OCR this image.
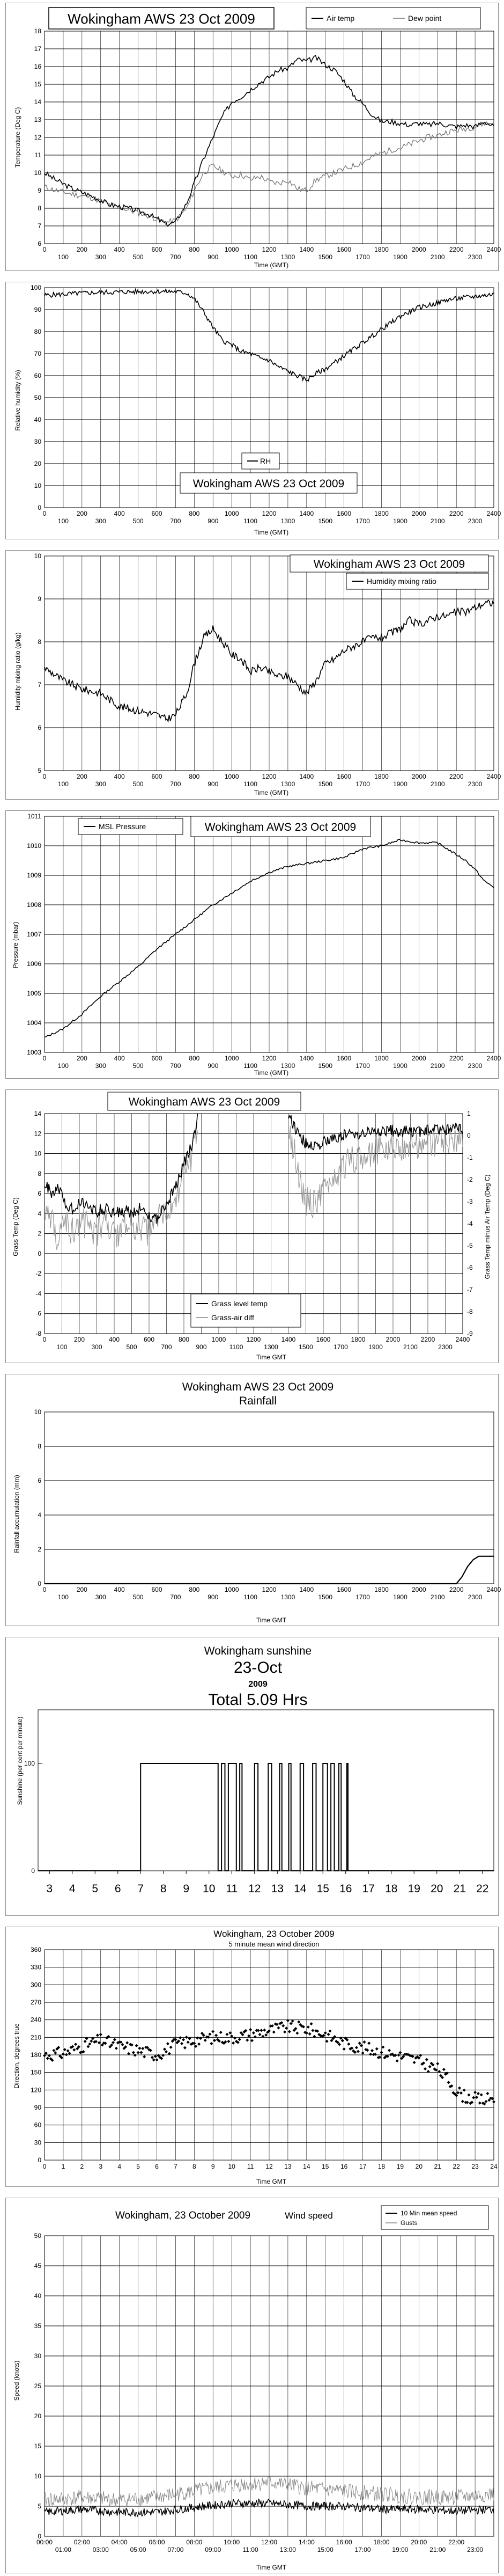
6
7
8
9
10
11
12
13
14
15
16
17
18
0	200	400	600	800	1000	1200	1400	1600	1800	2000	2200	2400
100	300	500	700	900	1100	1300	1500	1700	1900	2100	2300
Wokingham AWS 23 Oct 2009	Air temp	Dew point
Time (GMT)
Temperature (Deg C)
0
10
20
30
40
50
60
70
80
90
100
0	200	400	600	800	1000	1200	1400	1600	1800	2000	2200	2400
100	300	500	700	900	1100	1300	1500	1700	1900	2100	2300
RH
Wokingham AWS 23 Oct 2009
Time (GMT)
Relative humidity (%)
5
6
7
8
9
10
0	200	400	600	800	1000	1200	1400	1600	1800	2000	2200	2400
100	300	500	700	900	1100	1300	1500	1700	1900	2100	2300
Wokingham AWS 23 Oct 2009
Humidity mixing ratio
Time (GMT)
Humidity mixing ratio (g/kg)
1003
1004
1005
1006
1007
1008
1009
1010
1011
0	200	400	600	800	1000	1200	1400	1600	1800	2000	2200	2400
100	300	500	700	900	1100	1300	1500	1700	1900	2100	2300
MSL Pressure	Wokingham AWS 23 Oct 2009
Time (GMT)
Pressure (mbar)
-8
-6
-4
-2
0
2
4
6
8
10
12
14
0	200	400	600	800	1000	1200	1400	1600	1800	2000	2200	2400
100	300	500	700	900	1100	1300	1500	1700	1900	2100	2300
-9
-8
-7
-6
-5
-4
-3
-2
-1
0
1
Wokingham AWS 23 Oct 2009
Grass level temp
Grass-air diff
Time GMT
Grass Temp (Deg C)	Grass Temp minus Air Temp (Deg C)
0
2
4
6
8
10
0	200	400	600	800	1000	1200	1400	1600	1800	2000	2200	2400
100	300	500	700	900	1100	1300	1500	1700	1900	2100	2300
Wokingham AWS 23 Oct 2009
Rainfall
Time GMT
Rainfall accumulation (mm)
0
100
3 4 5 6 7 8 9 10 11 12 13 14 15 16 17 18 19 20 21 22
Wokingham sunshine
23-Oct
2009
Total 5.09 Hrs
Sunshine (per cent per minute)
0
30
60
90
120
150
180
210
240
270
300
330
360
0 1 2 3 4 5 6 7 8 9 10 11 12 13 14 15 16 17 18 19 20 21 22 23 24
Wokingham, 23 October 2009
5 minute mean wind direction
Time GMT
Direction, degrees true
0
5
10
15
20
25
30
35
40
45
50
00:00	02:00	04:00	06:00	08:00	10:00	12:00	14:00	16:00	18:00	20:00	22:00
01:00	03:00	05:00	07:00	09:00	11:00	13:00	15:00	17:00	19:00	21:00	23:00
Wokingham, 23 October 2009	Wind speed	10 Min mean speed
Gusts
Time GMT
Speed (knots)
